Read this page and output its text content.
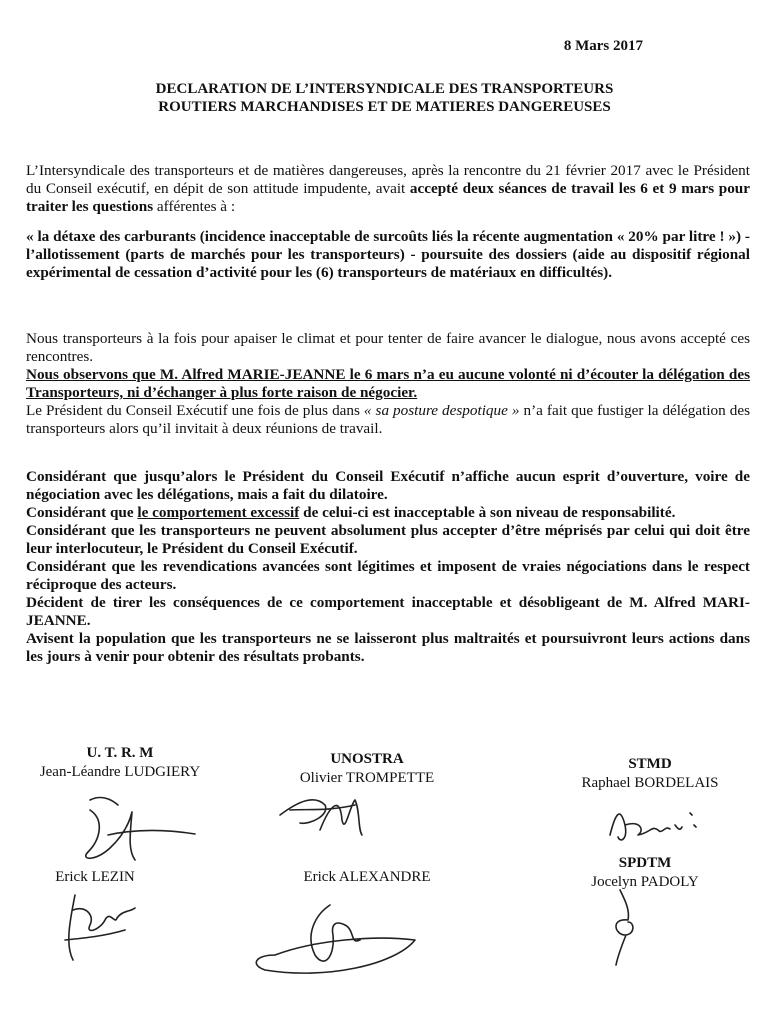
8 Mars 2017
DECLARATION DE L’INTERSYNDICALE DES TRANSPORTEURS
ROUTIERS MARCHANDISES ET DE MATIERES DANGEREUSES

L’Intersyndicale des transporteurs et de matières dangereuses, après la rencontre du 21 février 2017 avec le Président du Conseil exécutif, en dépit de son attitude impudente, avait accepté deux séances de travail les 6 et 9 mars pour traiter les questions afférentes à :

« la détaxe des carburants (incidence inacceptable de surcoûts liés la récente augmentation « 20% par litre ! ») - l’allotissement (parts de marchés pour les transporteurs) - poursuite des dossiers (aide au dispositif régional expérimental de cessation d’activité pour les (6) transporteurs de matériaux en difficultés).

Nous transporteurs à la fois pour apaiser le climat et pour tenter de faire avancer le dialogue, nous avons accepté ces rencontres.

Nous observons que M. Alfred MARIE-JEANNE le 6 mars n’a eu aucune volonté ni d’écouter la délégation des Transporteurs, ni d’échanger à plus forte raison de négocier.

Le Président du Conseil Exécutif une fois de plus dans « sa posture despotique » n’a fait que fustiger la délégation des transporteurs alors qu’il invitait à deux réunions de travail.

Considérant que jusqu’alors le Président du Conseil Exécutif n’affiche aucun esprit d’ouverture, voire de négociation avec les délégations, mais a fait du dilatoire.

Considérant que le comportement excessif de celui-ci est inacceptable à son niveau de responsabilité.

Considérant que les transporteurs ne peuvent absolument plus accepter d’être méprisés par celui qui doit être leur interlocuteur, le Président du Conseil Exécutif.

Considérant que les revendications avancées sont légitimes et imposent de vraies négociations dans le respect réciproque des acteurs.

Décident de tirer les conséquences de ce comportement inacceptable et désobligeant de M. Alfred MARI-JEANNE.

Avisent la population que les transporteurs ne se laisseront plus maltraités et poursuivront leurs actions dans les jours à venir pour obtenir des résultats probants.

U. T. R. M
Jean-Léandre LUDGIERY
UNOSTRA
Olivier TROMPETTE
STMD
Raphael BORDELAIS
Erick LEZIN	Erick ALEXANDRE
SPDTM
Jocelyn PADOLY
